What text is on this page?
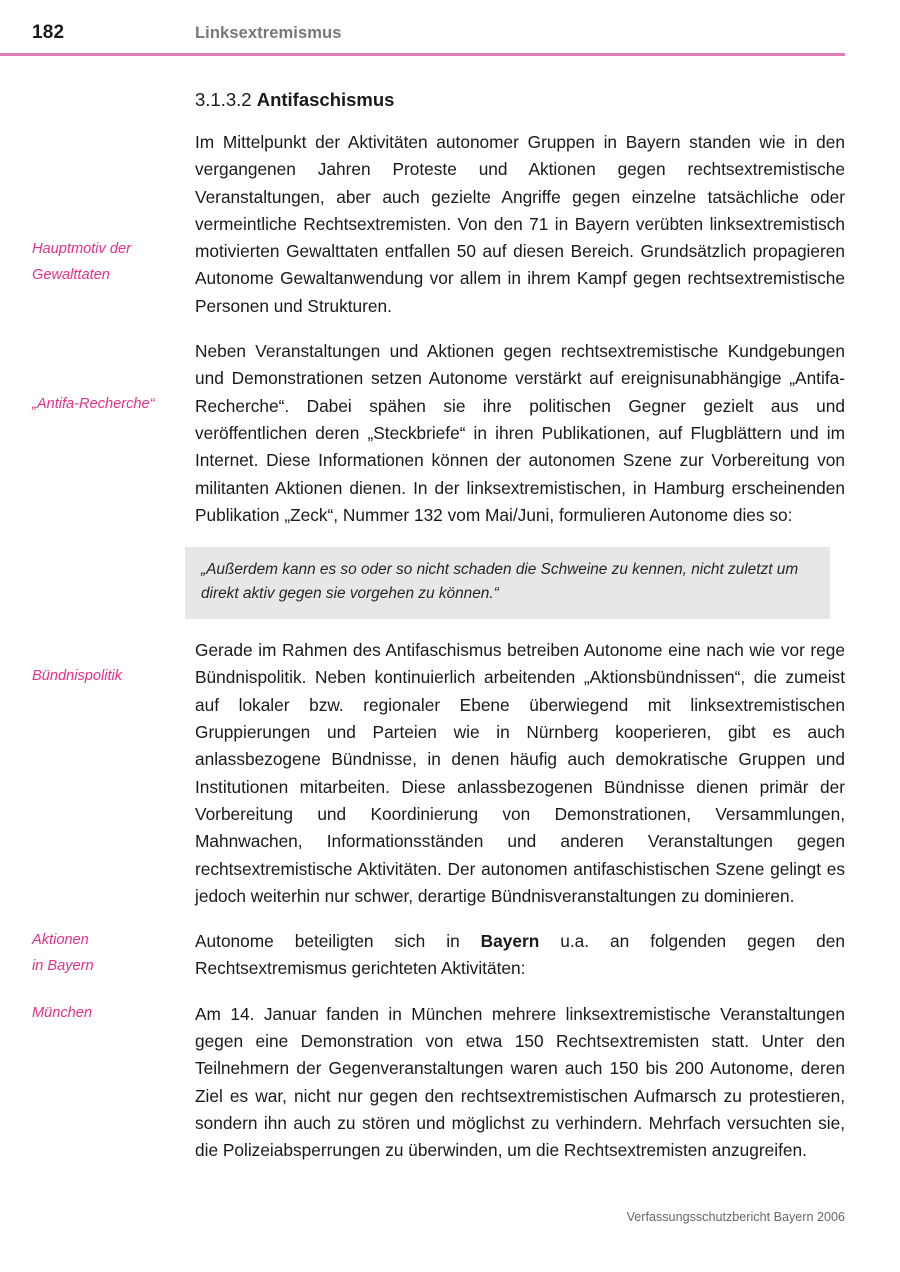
182	Linksextremismus
3.1.3.2 Antifaschismus
Hauptmotiv der
Gewalttaten

Im Mittelpunkt der Aktivitäten autonomer Gruppen in Bayern standen wie in den vergangenen Jahren Proteste und Aktionen gegen rechtsextremistische Veranstaltungen, aber auch gezielte Angriffe gegen einzelne tatsächliche oder vermeintliche Rechtsextremisten. Von den 71 in Bayern verübten linksextremistisch motivierten Gewalttaten entfallen 50 auf diesen Bereich. Grundsätzlich propagieren Autonome Gewaltanwendung vor allem in ihrem Kampf gegen rechtsextremistische Personen und Strukturen.

„Antifa-Recherche“

Neben Veranstaltungen und Aktionen gegen rechtsextremistische Kundgebungen und Demonstrationen setzen Autonome verstärkt auf ereignisunabhängige „Antifa-Recherche“. Dabei spähen sie ihre politischen Gegner gezielt aus und veröffentlichen deren „Steckbriefe“ in ihren Publikationen, auf Flugblättern und im Internet. Diese Informationen können der autonomen Szene zur Vorbereitung von militanten Aktionen dienen. In der linksextremistischen, in Hamburg erscheinenden Publikation „Zeck“, Nummer 132 vom Mai/Juni, formulieren Autonome dies so:

„Außerdem kann es so oder so nicht schaden die Schweine zu kennen, nicht zuletzt um direkt aktiv gegen sie vorgehen zu können.“

Bündnispolitik

Gerade im Rahmen des Antifaschismus betreiben Autonome eine nach wie vor rege Bündnispolitik. Neben kontinuierlich arbeitenden „Aktionsbündnissen“, die zumeist auf lokaler bzw. regionaler Ebene überwiegend mit linksextremistischen Gruppierungen und Parteien wie in Nürnberg kooperieren, gibt es auch anlassbezogene Bündnisse, in denen häufig auch demokratische Gruppen und Institutionen mitarbeiten. Diese anlassbezogenen Bündnisse dienen primär der Vorbereitung und Koordinierung von Demonstrationen, Versammlungen, Mahnwachen, Informationsständen und anderen Veranstaltungen gegen rechtsextremistische Aktivitäten. Der autonomen antifaschistischen Szene gelingt es jedoch weiterhin nur schwer, derartige Bündnisveranstaltungen zu dominieren.

Aktionen
in Bayern

Autonome beteiligten sich in Bayern u.a. an folgenden gegen den Rechtsextremismus gerichteten Aktivitäten:

München	Am 14. Januar fanden in München mehrere linksextremistische Veranstaltungen gegen eine Demonstration von etwa 150 Rechtsextremisten statt. Unter den Teilnehmern der Gegenveranstaltungen waren auch 150 bis 200 Autonome, deren Ziel es war, nicht nur gegen den rechtsextremistischen Aufmarsch zu protestieren, sondern ihn auch zu stören und möglichst zu verhindern. Mehrfach versuchten sie, die Polizeiabsperrungen zu überwinden, um die Rechtsextremisten anzugreifen.

Verfassungsschutzbericht Bayern 2006
